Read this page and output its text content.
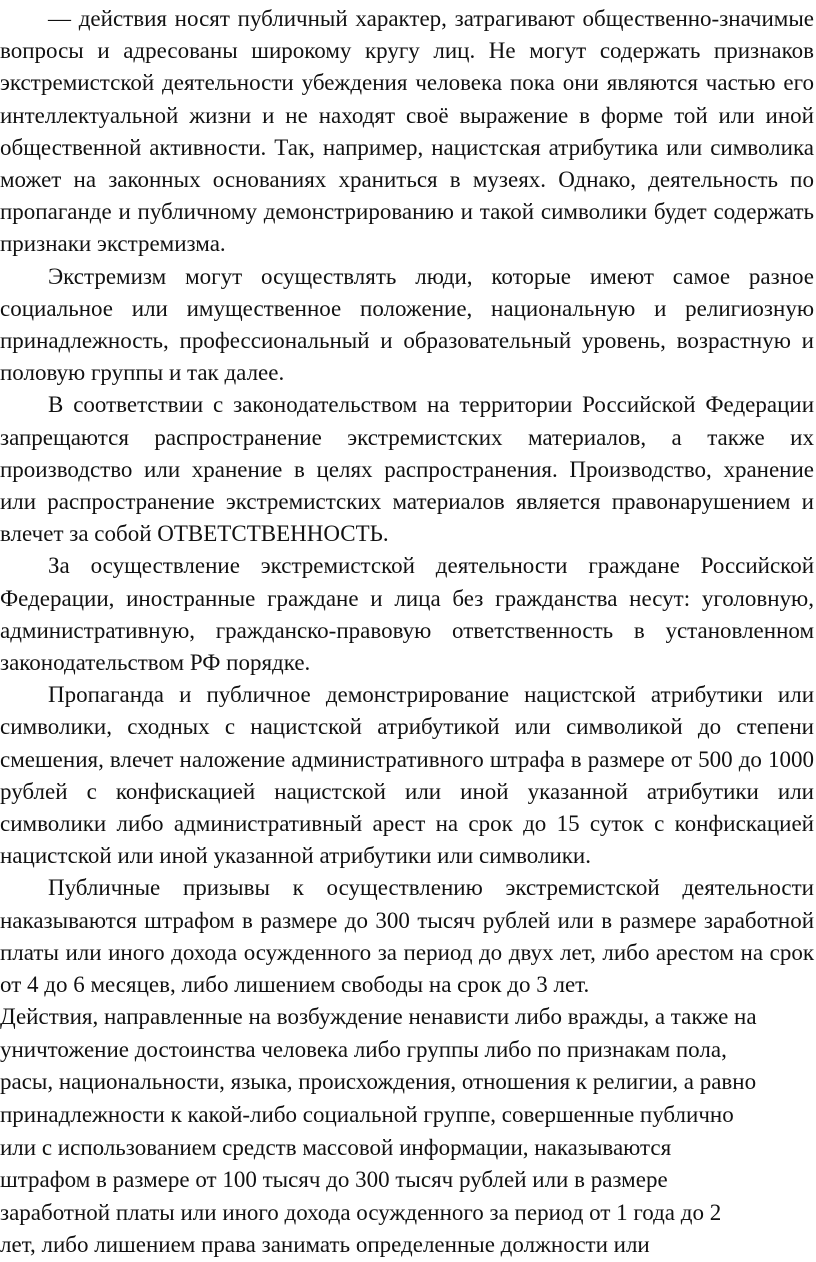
— действия носят публичный характер, затрагивают общественно-значимые вопросы и адресованы широкому кругу лиц. Не могут содержать признаков экстремистской деятельности убеждения человека пока они являются частью его интеллектуальной жизни и не находят своё выражение в форме той или иной общественной активности. Так, например, нацистская атрибутика или символика может на законных основаниях храниться в музеях. Однако, деятельность по пропаганде и публичному демонстрированию и такой символики будет содержать признаки экстремизма.

Экстремизм могут осуществлять люди, которые имеют самое разное социальное или имущественное положение, национальную и религиозную принадлежность, профессиональный и образовательный уровень, возрастную и половую группы и так далее.

В соответствии с законодательством на территории Российской Федерации запрещаются распространение экстремистских материалов, а также их производство или хранение в целях распространения. Производство, хранение или распространение экстремистских материалов является правонарушением и влечет за собой ОТВЕТСТВЕННОСТЬ.

За осуществление экстремистской деятельности граждане Российской Федерации, иностранные граждане и лица без гражданства несут: уголовную, административную, гражданско-правовую ответственность в установленном законодательством РФ порядке.

Пропаганда и публичное демонстрирование нацистской атрибутики или символики, сходных с нацистской атрибутикой или символикой до степени смешения, влечет наложение административного штрафа в размере от 500 до 1000 рублей с конфискацией нацистской или иной указанной атрибутики или символики либо административный арест на срок до 15 суток с конфискацией нацистской или иной указанной атрибутики или символики.

Публичные призывы к осуществлению экстремистской деятельности наказываются штрафом в размере до 300 тысяч рублей или в размере заработной платы или иного дохода осужденного за период до двух лет, либо арестом на срок от 4 до 6 месяцев, либо лишением свободы на срок до 3 лет.

Действия, направленные на возбуждение ненависти либо вражды, а также на

уничтожение достоинства человека либо группы либо по признакам пола,

расы, национальности, языка, происхождения, отношения к религии, а равно

принадлежности к какой-либо социальной группе, совершенные публично

или с использованием средств массовой информации, наказываются

штрафом в размере от 100 тысяч до 300 тысяч рублей или в размере

заработной платы или иного дохода осужденного за период от 1 года до 2

лет, либо лишением права занимать определенные должности или
